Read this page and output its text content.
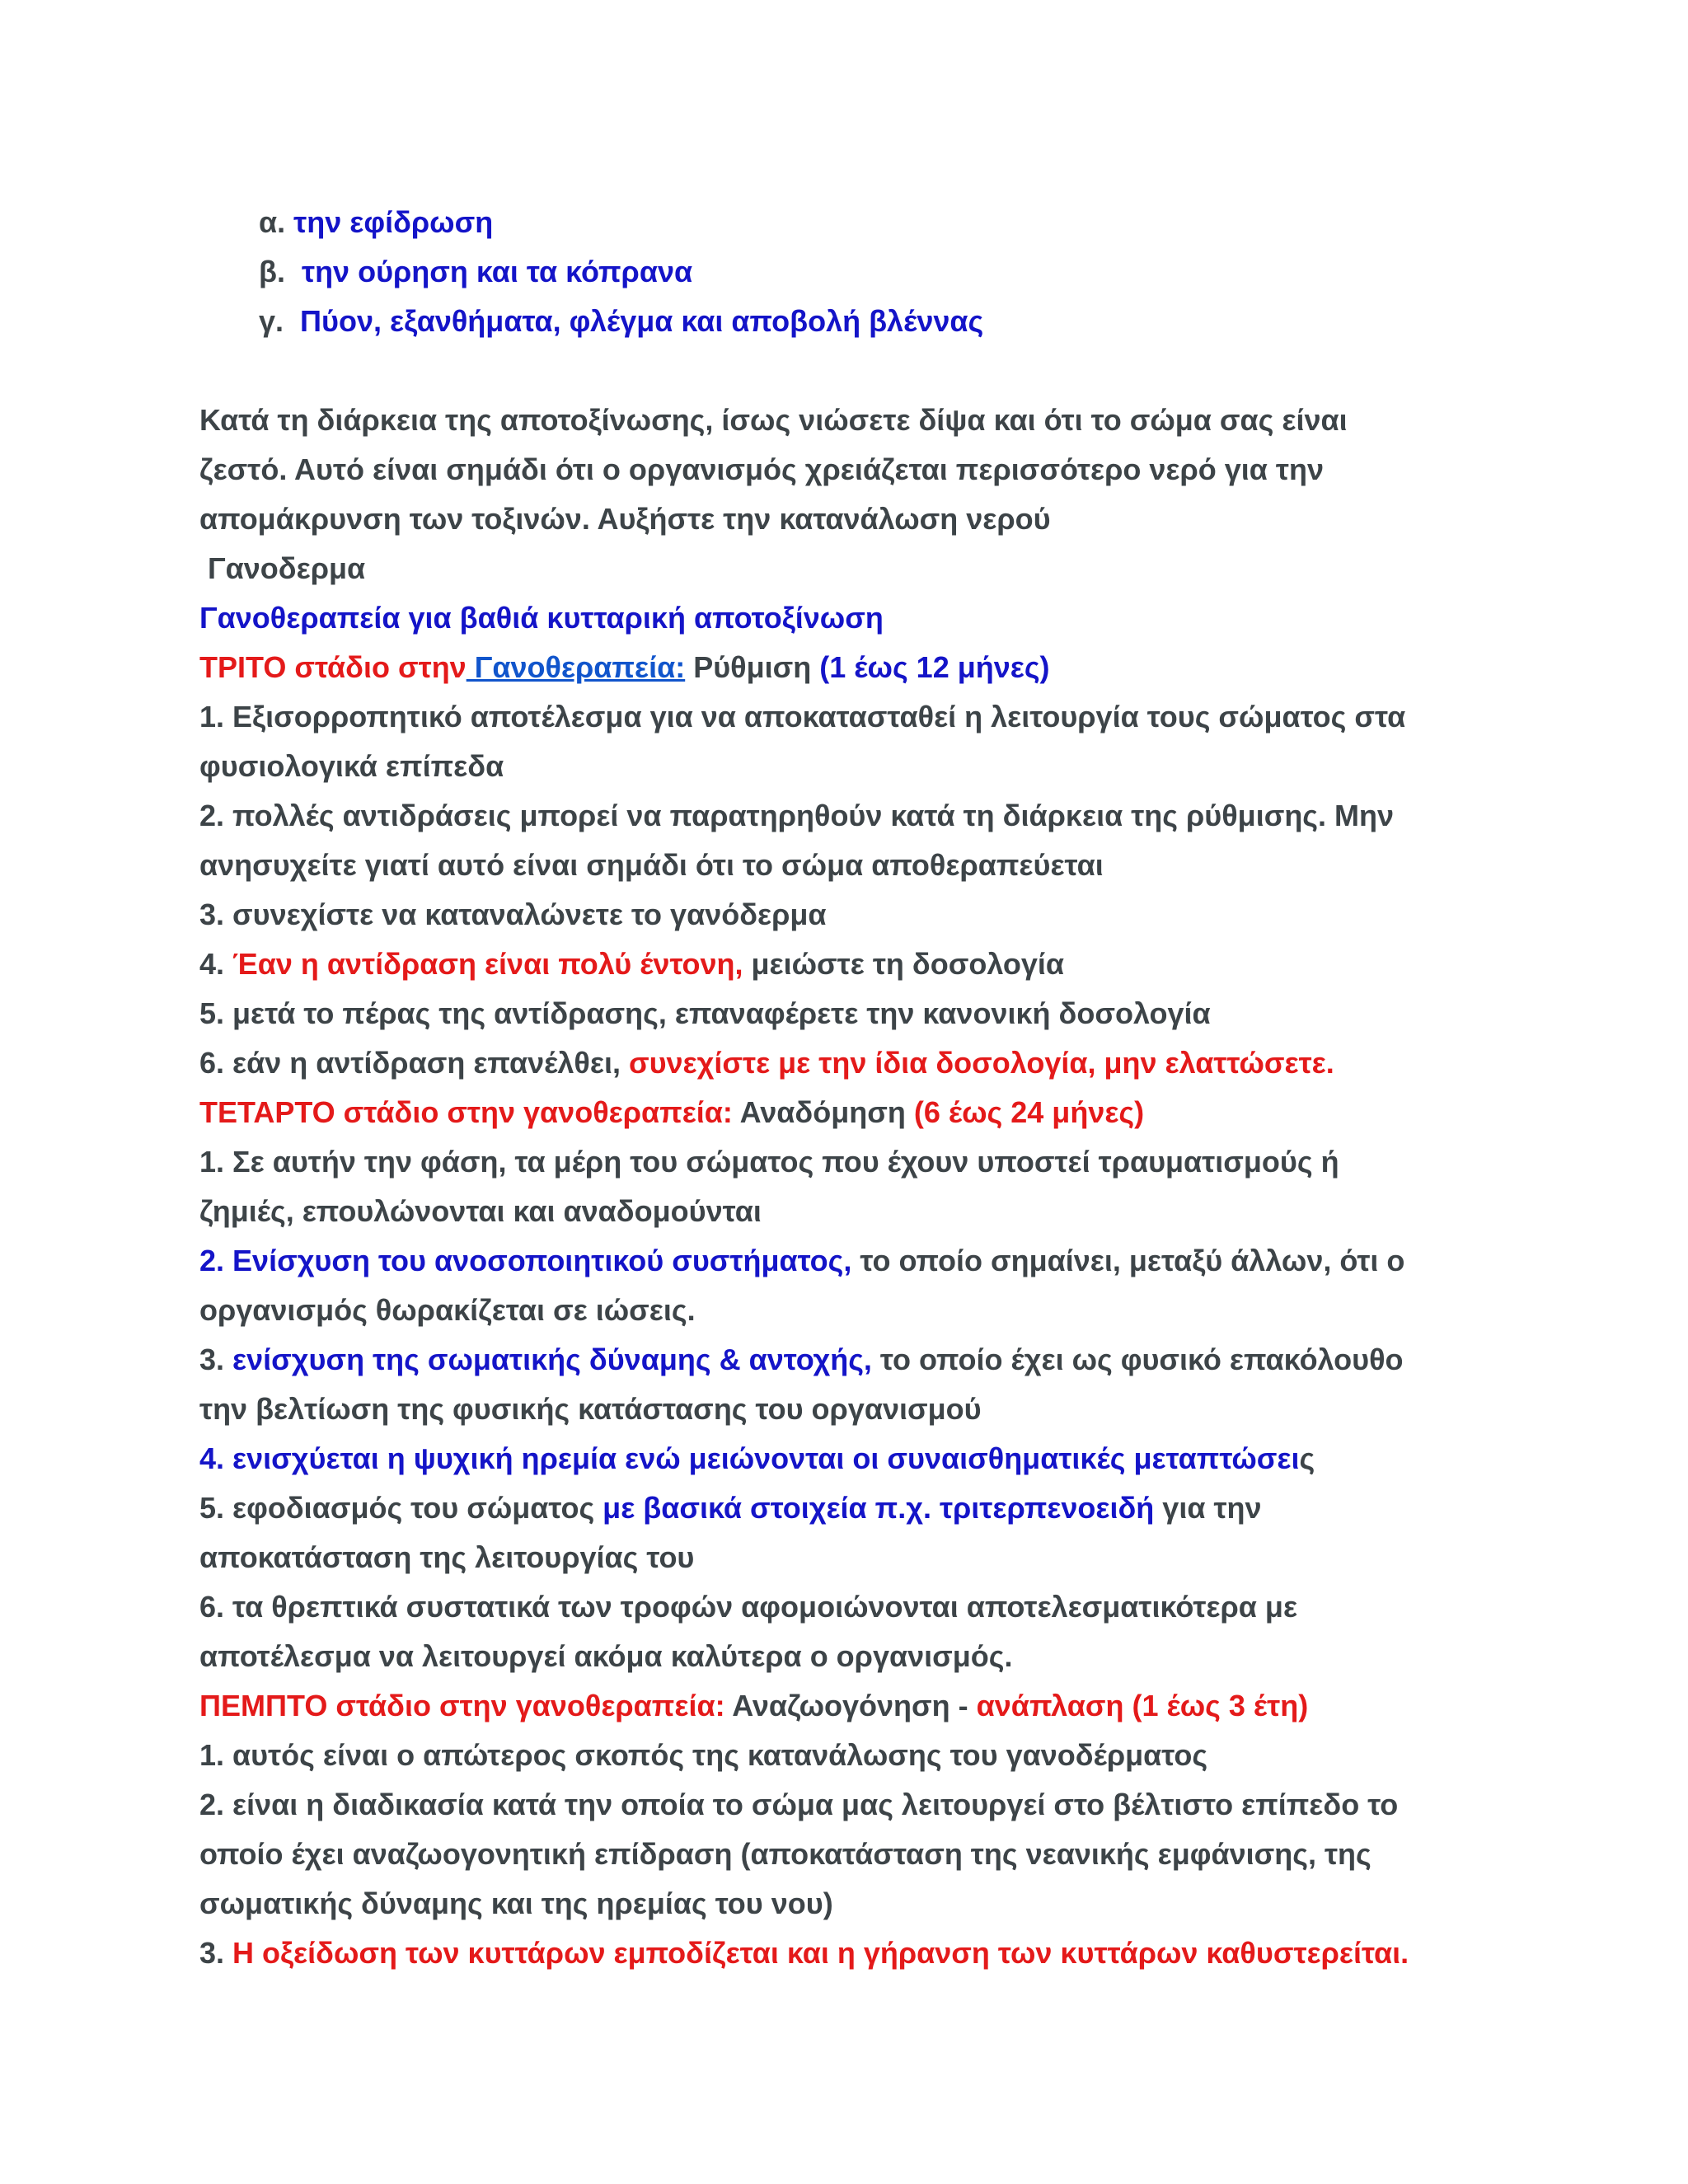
α. την εφίδρωση
β. την ούρηση και τα κόπρανα
γ. Πύον, εξανθήματα, φλέγμα και αποβολή βλέννας
Κατά τη διάρκεια της αποτοξίνωσης, ίσως νιώσετε δίψα και ότι το σώμα σας είναι
ζεστό. Αυτό είναι σημάδι ότι ο οργανισμός χρειάζεται περισσότερο νερό για την
απομάκρυνση των τοξινών. Αυξήστε την κατανάλωση νερού
Γανοδερμα
Γανοθεραπεία για βαθιά κυτταρική αποτοξίνωση
ΤΡΙΤΟ στάδιο στην Γανοθεραπεία: Ρύθμιση (1 έως 12 μήνες)
1. Εξισορροπητικό αποτέλεσμα για να αποκατασταθεί η λειτουργία τους σώματος στα
φυσιολογικά επίπεδα
2. πολλές αντιδράσεις μπορεί να παρατηρηθούν κατά τη διάρκεια της ρύθμισης. Μην
ανησυχείτε γιατί αυτό είναι σημάδι ότι το σώμα αποθεραπεύεται
3. συνεχίστε να καταναλώνετε το γανόδερμα
4. Έαν η αντίδραση είναι πολύ έντονη, μειώστε τη δοσολογία
5. μετά το πέρας της αντίδρασης, επαναφέρετε την κανονική δοσολογία
6. εάν η αντίδραση επανέλθει, συνεχίστε με την ίδια δοσολογία, μην ελαττώσετε.
ΤΕΤΑΡΤΟ στάδιο στην γανοθεραπεία: Αναδόμηση (6 έως 24 μήνες)
1. Σε αυτήν την φάση, τα μέρη του σώματος που έχουν υποστεί τραυματισμούς ή
ζημιές, επουλώνονται και αναδομούνται
2. Ενίσχυση του ανοσοποιητικού συστήματος, το οποίο σημαίνει, μεταξύ άλλων, ότι ο
οργανισμός θωρακίζεται σε ιώσεις.
3. ενίσχυση της σωματικής δύναμης & αντοχής, το οποίο έχει ως φυσικό επακόλουθο
την βελτίωση της φυσικής κατάστασης του οργανισμού
4. ενισχύεται η ψυχική ηρεμία ενώ μειώνονται οι συναισθηματικές μεταπτώσεις
5. εφοδιασμός του σώματος με βασικά στοιχεία π.χ. τριτερπενοειδή για την
αποκατάσταση της λειτουργίας του
6. τα θρεπτικά συστατικά των τροφών αφομοιώνονται αποτελεσματικότερα με
αποτέλεσμα να λειτουργεί ακόμα καλύτερα ο οργανισμός.
ΠΕΜΠΤΟ στάδιο στην γανοθεραπεία: Αναζωογόνηση - ανάπλαση (1 έως 3 έτη)
1. αυτός είναι ο απώτερος σκοπός της κατανάλωσης του γανοδέρματος
2. είναι η διαδικασία κατά την οποία το σώμα μας λειτουργεί στο βέλτιστο επίπεδο το
οποίο έχει αναζωογονητική επίδραση (αποκατάσταση της νεανικής εμφάνισης, της
σωματικής δύναμης και της ηρεμίας του νου)
3. Η οξείδωση των κυττάρων εμποδίζεται και η γήρανση των κυττάρων καθυστερείται.
